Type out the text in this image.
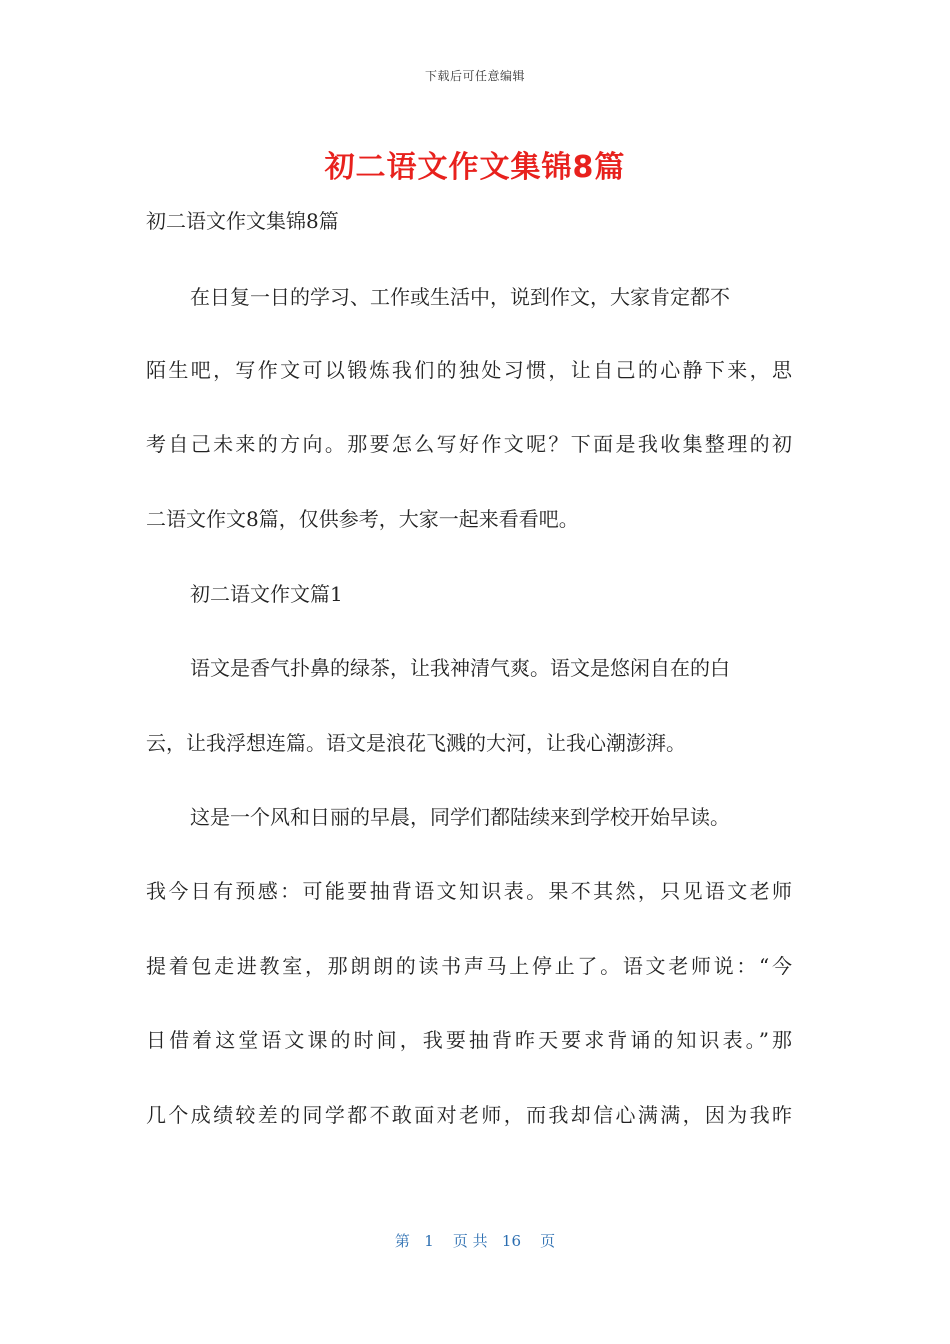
下载后可任意编辑
初二语文作文集锦8篇
初二语文作文集锦8篇
在日复一日的学习、工作或生活中，说到作文，大家肯定都不
陌生吧，写作文可以锻炼我们的独处习惯，让自己的心静下来，思
考自己未来的方向。那要怎么写好作文呢？下面是我收集整理的初
二语文作文8篇，仅供参考，大家一起来看看吧。
初二语文作文篇1
语文是香气扑鼻的绿茶，让我神清气爽。语文是悠闲自在的白
云，让我浮想连篇。语文是浪花飞溅的大河，让我心潮澎湃。
这是一个风和日丽的早晨，同学们都陆续来到学校开始早读。
我今日有预感：可能要抽背语文知识表。果不其然，只见语文老师
提着包走进教室，那朗朗的读书声马上停止了。语文老师说：“今
日借着这堂语文课的时间，我要抽背昨天要求背诵的知识表。”那
几个成绩较差的同学都不敢面对老师，而我却信心满满，因为我昨
第   1    页 共   16    页
